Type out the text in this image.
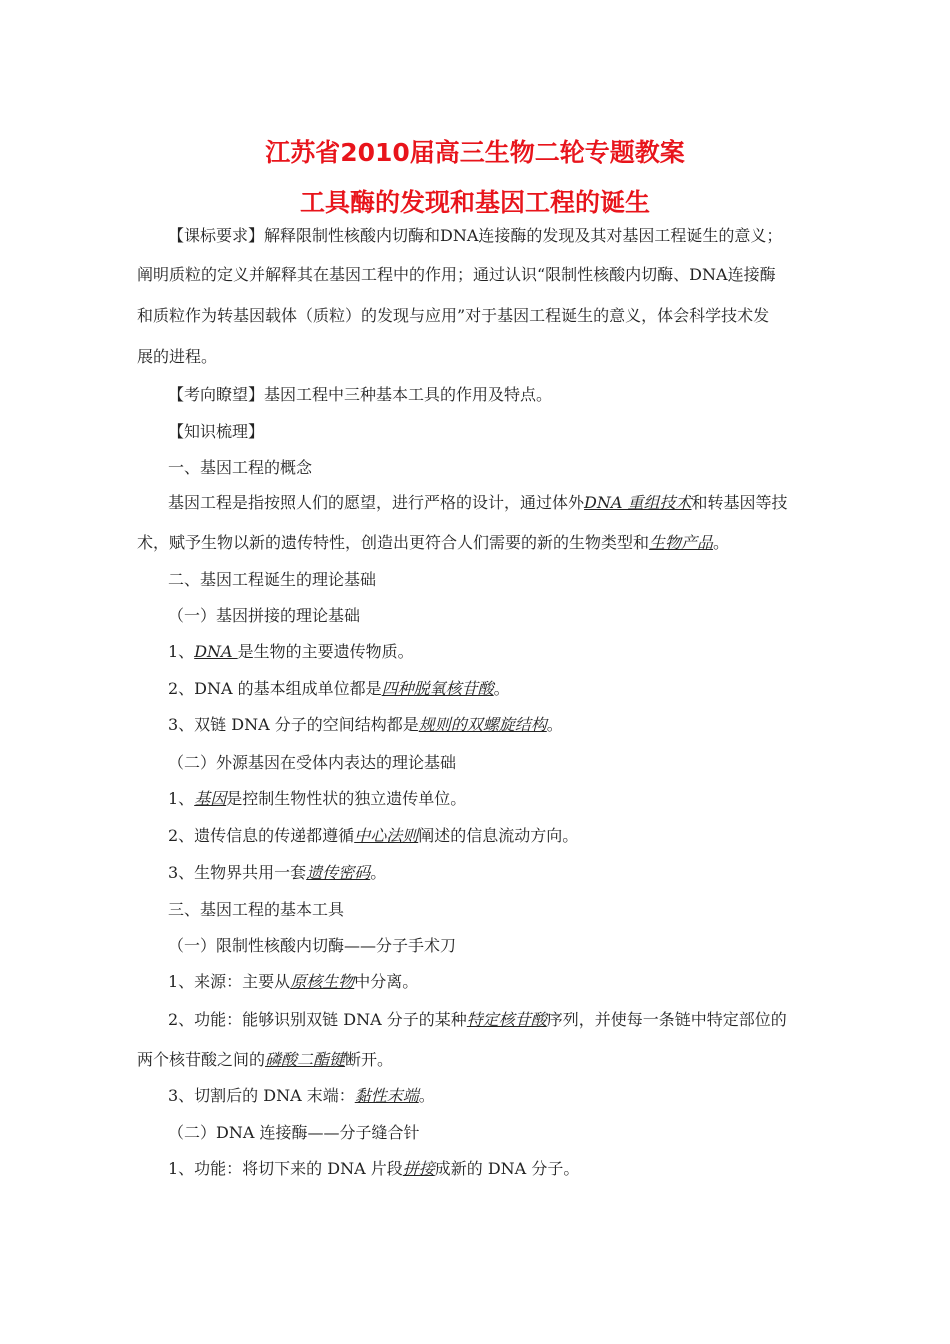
江苏省2010届高三生物二轮专题教案
工具酶的发现和基因工程的诞生
【课标要求】解释限制性核酸内切酶和DNA连接酶的发现及其对基因工程诞生的意义；
阐明质粒的定义并解释其在基因工程中的作用；通过认识“限制性核酸内切酶、DNA连接酶
和质粒作为转基因载体（质粒）的发现与应用”对于基因工程诞生的意义，体会科学技术发
展的进程。
【考向瞭望】基因工程中三种基本工具的作用及特点。
【知识梳理】
一、基因工程的概念
基因工程是指按照人们的愿望，进行严格的设计，通过体外DNA 重组技术和转基因等技
术，赋予生物以新的遗传特性，创造出更符合人们需要的新的生物类型和生物产品。
二、基因工程诞生的理论基础
（一）基因拼接的理论基础
1、DNA 是生物的主要遗传物质。
2、DNA 的基本组成单位都是四种脱氧核苷酸。
3、双链 DNA 分子的空间结构都是规则的双螺旋结构。
（二）外源基因在受体内表达的理论基础
1、基因是控制生物性状的独立遗传单位。
2、遗传信息的传递都遵循中心法则阐述的信息流动方向。
3、生物界共用一套遗传密码。
三、基因工程的基本工具
（一）限制性核酸内切酶——分子手术刀
1、来源：主要从原核生物中分离。
2、功能：能够识别双链 DNA 分子的某种特定核苷酸序列，并使每一条链中特定部位的
两个核苷酸之间的磷酸二酯键断开。
3、切割后的 DNA 末端：黏性末端。
（二）DNA 连接酶——分子缝合针
1、功能：将切下来的 DNA 片段拼接成新的 DNA 分子。
